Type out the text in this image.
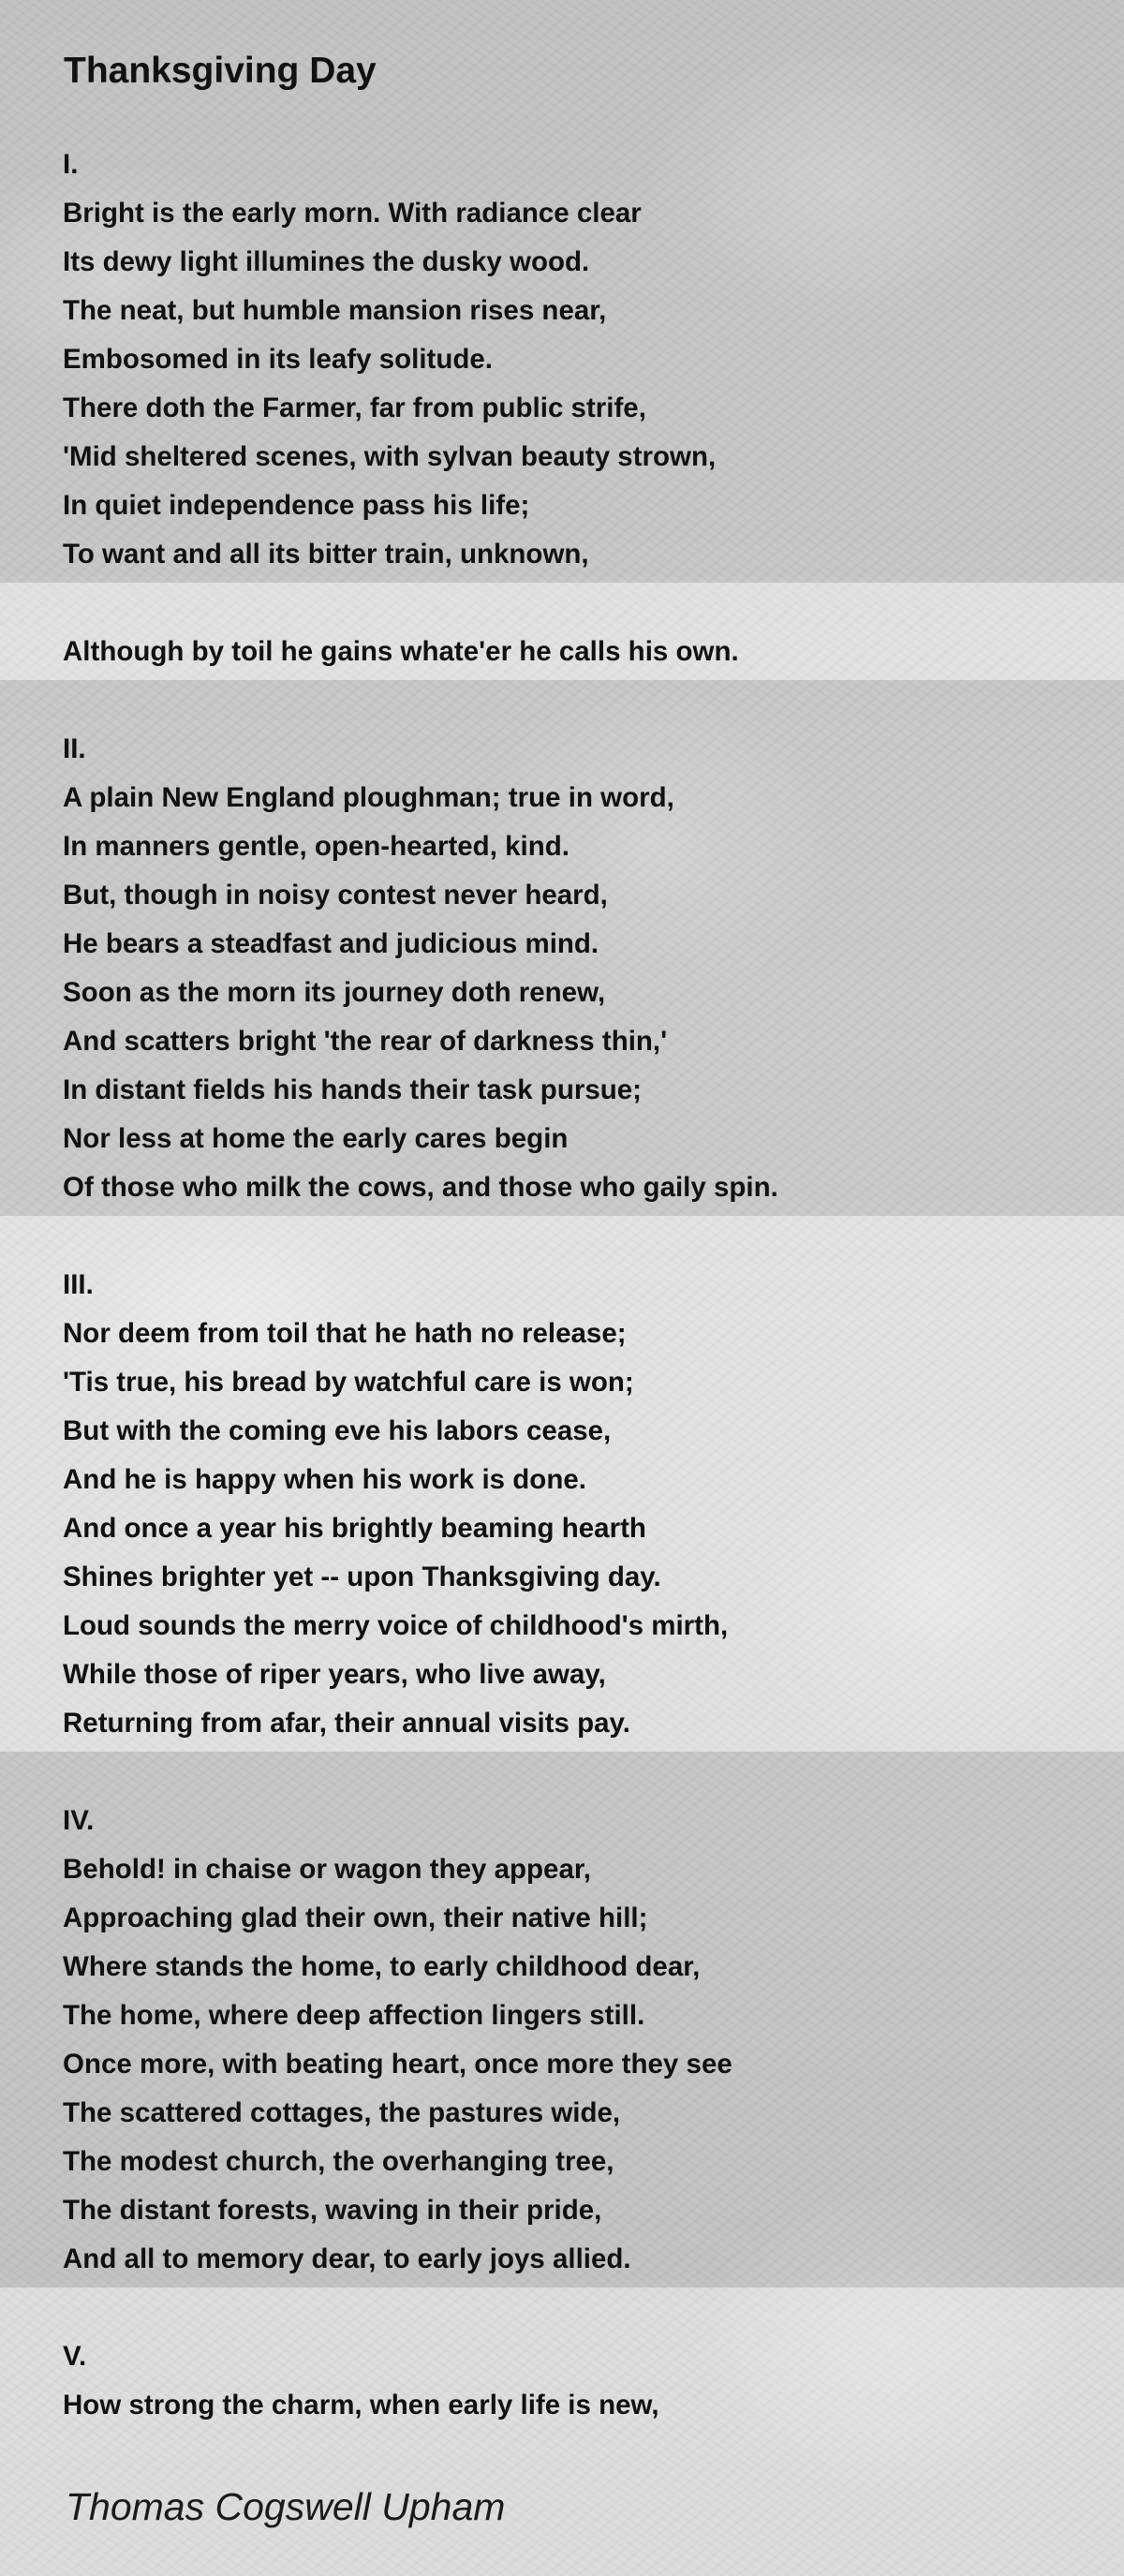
Thanksgiving Day
I.
Bright is the early morn. With radiance clear
Its dewy light illumines the dusky wood.
The neat, but humble mansion rises near,
Embosomed in its leafy solitude.
There doth the Farmer, far from public strife,
'Mid sheltered scenes, with sylvan beauty strown,
In quiet independence pass his life;
To want and all its bitter train, unknown,
Although by toil he gains whate'er he calls his own.
II.
A plain New England ploughman; true in word,
In manners gentle, open-hearted, kind.
But, though in noisy contest never heard,
He bears a steadfast and judicious mind.
Soon as the morn its journey doth renew,
And scatters bright 'the rear of darkness thin,'
In distant fields his hands their task pursue;
Nor less at home the early cares begin
Of those who milk the cows, and those who gaily spin.
III.
Nor deem from toil that he hath no release;
'Tis true, his bread by watchful care is won;
But with the coming eve his labors cease,
And he is happy when his work is done.
And once a year his brightly beaming hearth
Shines brighter yet -- upon Thanksgiving day.
Loud sounds the merry voice of childhood's mirth,
While those of riper years, who live away,
Returning from afar, their annual visits pay.
IV.
Behold! in chaise or wagon they appear,
Approaching glad their own, their native hill;
Where stands the home, to early childhood dear,
The home, where deep affection lingers still.
Once more, with beating heart, once more they see
The scattered cottages, the pastures wide,
The modest church, the overhanging tree,
The distant forests, waving in their pride,
And all to memory dear, to early joys allied.
V.
How strong the charm, when early life is new,

Thomas Cogswell Upham
